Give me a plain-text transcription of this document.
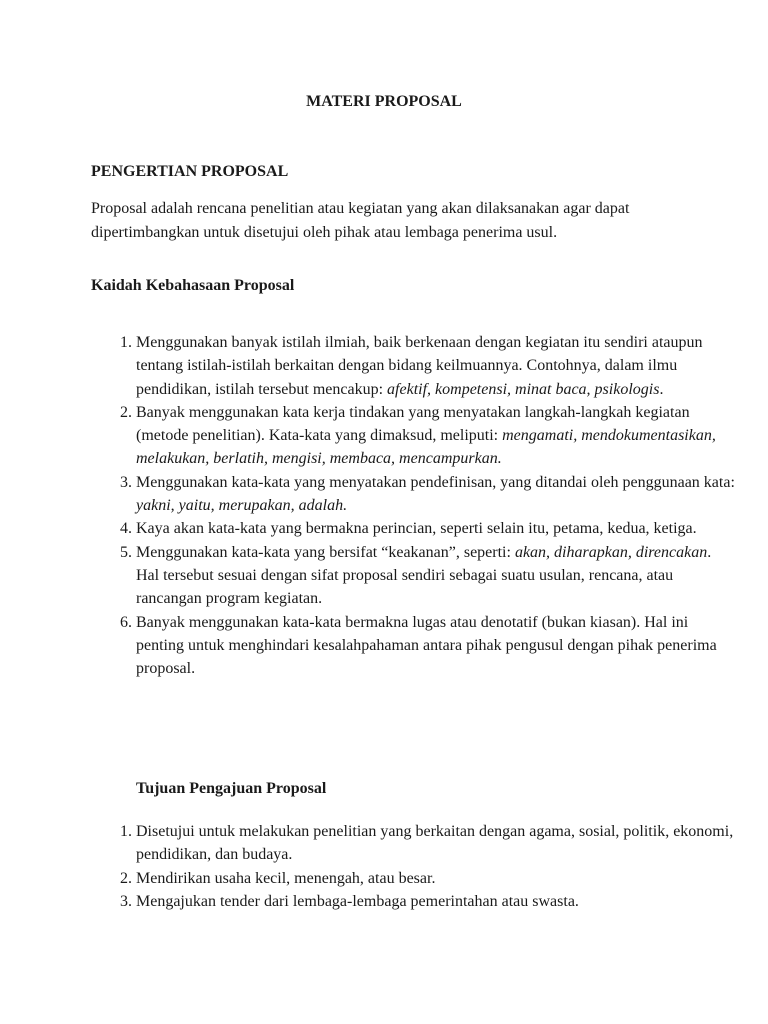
MATERI PROPOSAL
PENGERTIAN PROPOSAL

Proposal adalah rencana penelitian atau kegiatan yang akan dilaksanakan agar dapat dipertimbangkan untuk disetujui oleh pihak atau lembaga penerima usul.

Kaidah Kebahasaan Proposal
1. Menggunakan banyak istilah ilmiah, baik berkenaan dengan kegiatan itu sendiri ataupun tentang istilah-istilah berkaitan dengan bidang keilmuannya. Contohnya, dalam ilmu pendidikan, istilah tersebut mencakup: afektif, kompetensi, minat baca, psikologis.
2. Banyak menggunakan kata kerja tindakan yang menyatakan langkah-langkah kegiatan (metode penelitian). Kata-kata yang dimaksud, meliputi: mengamati, mendokumentasikan, melakukan, berlatih, mengisi, membaca, mencampurkan.
3. Menggunakan kata-kata yang menyatakan pendefinisan, yang ditandai oleh penggunaan kata: yakni, yaitu, merupakan, adalah.
4. Kaya akan kata-kata yang bermakna perincian, seperti selain itu, petama, kedua, ketiga.
5. Menggunakan kata-kata yang bersifat “keakanan”, seperti: akan, diharapkan, direncakan. Hal tersebut sesuai dengan sifat proposal sendiri sebagai suatu usulan, rencana, atau rancangan program kegiatan.
6. Banyak menggunakan kata-kata bermakna lugas atau denotatif (bukan kiasan). Hal ini penting untuk menghindari kesalahpahaman antara pihak pengusul dengan pihak penerima proposal.
Tujuan Pengajuan Proposal
1. Disetujui untuk melakukan penelitian yang berkaitan dengan agama, sosial, politik, ekonomi, pendidikan, dan budaya.
2. Mendirikan usaha kecil, menengah, atau besar.
3. Mengajukan tender dari lembaga-lembaga pemerintahan atau swasta.
